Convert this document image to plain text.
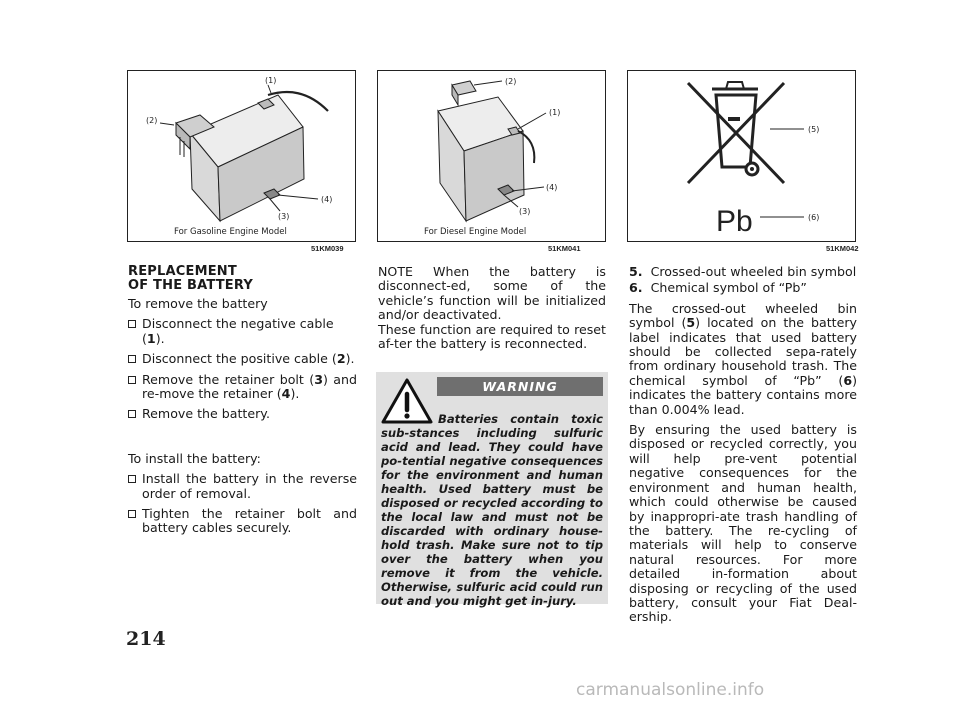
(1)
(2)
(3)
(4)
For Gasoline Engine Model
51KM039
(2)
(1)
(4)
(3)
For Diesel Engine Model
51KM041
(5)
(6)
Pb
51KM042

REPLACEMENT

OF THE BATTERY

To remove the battery

Disconnect the negative cable (1).

Disconnect the positive cable (2).

Remove the retainer bolt (3) and re-move the retainer (4).

Remove the battery.

To install the battery:

Install the battery in the reverse order of removal.

Tighten the retainer bolt and battery cables securely.

NOTE When the battery is disconnect-ed, some of the vehicle’s function will be initialized and/or deactivated.

These function are required to reset af-ter the battery is reconnected.

WARNING

Batteries contain toxic sub-stances including sulfuric acid and lead. They could have po-tential negative consequences for the environment and human health. Used battery must be disposed or recycled according to the local law and must not be discarded with ordinary house-hold trash. Make sure not to tip over the battery when you remove it from the vehicle. Otherwise, sulfuric acid could run out and you might get in-jury.

5. Crossed-out wheeled bin symbol

6. Chemical symbol of “Pb”

The crossed-out wheeled bin symbol (5) located on the battery label indicates that used battery should be collected sepa-rately from ordinary household trash. The chemical symbol of “Pb” (6) indicates the battery contains more than 0.004% lead.

By ensuring the used battery is disposed or recycled correctly, you will help pre-vent potential negative consequences for the environment and human health, which could otherwise be caused by inappropri-ate trash handling of the battery. The re-cycling of materials will help to conserve natural resources. For more detailed in-formation about disposing or recycling of the used battery, consult your Fiat Deal-ership.

214
carmanualsonline.info
